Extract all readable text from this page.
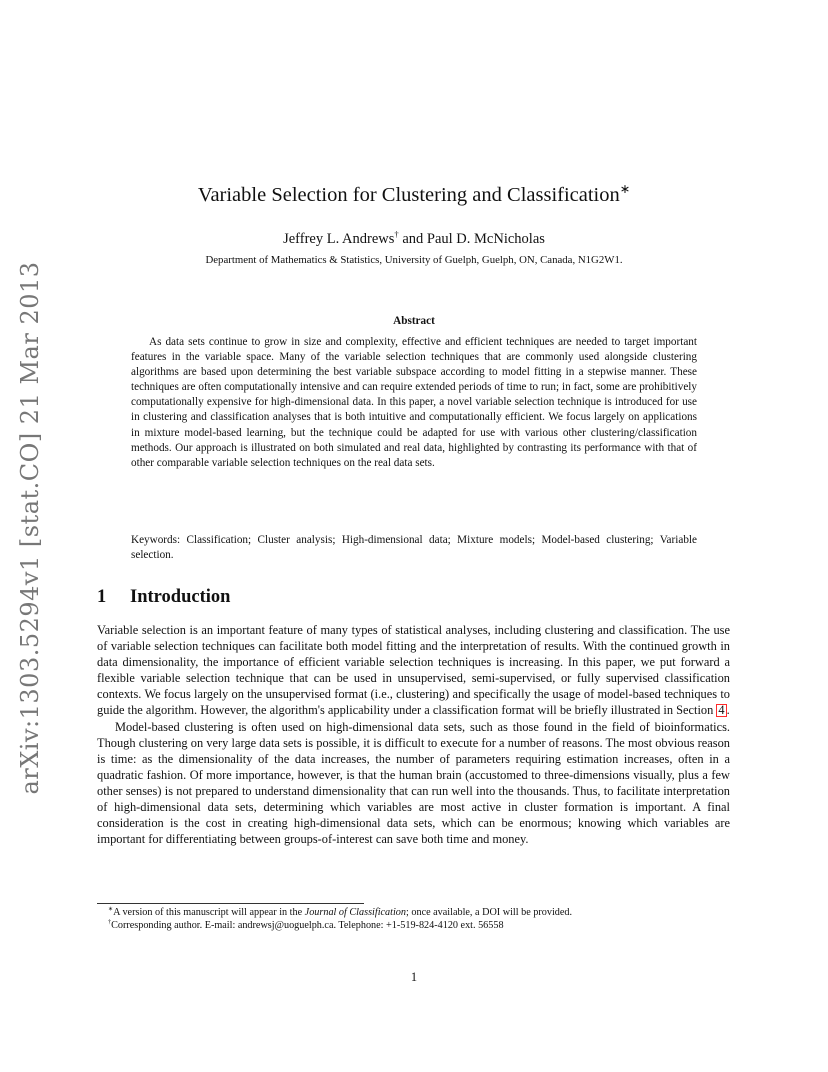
arXiv:1303.5294v1 [stat.CO] 21 Mar 2013
Variable Selection for Clustering and Classification∗
Jeffrey L. Andrews† and Paul D. McNicholas
Department of Mathematics & Statistics, University of Guelph, Guelph, ON, Canada, N1G2W1.
Abstract
As data sets continue to grow in size and complexity, effective and efficient techniques are needed to target important features in the variable space. Many of the variable selection techniques that are commonly used alongside clustering algorithms are based upon determining the best variable subspace according to model fitting in a stepwise manner. These techniques are often computationally intensive and can require extended periods of time to run; in fact, some are prohibitively computationally expensive for high-dimensional data. In this paper, a novel variable selection technique is introduced for use in clustering and classification analyses that is both intuitive and computationally efficient. We focus largely on applications in mixture model-based learning, but the technique could be adapted for use with various other clustering/classification methods. Our approach is illustrated on both simulated and real data, highlighted by contrasting its performance with that of other comparable variable selection techniques on the real data sets.
Keywords: Classification; Cluster analysis; High-dimensional data; Mixture models; Model-based clustering; Variable selection.
1 Introduction

Variable selection is an important feature of many types of statistical analyses, including clustering and classification. The use of variable selection techniques can facilitate both model fitting and the interpretation of results. With the continued growth in data dimensionality, the importance of efficient variable selection techniques is increasing. In this paper, we put forward a flexible variable selection technique that can be used in unsupervised, semi-supervised, or fully supervised classification contexts. We focus largely on the unsupervised format (i.e., clustering) and specifically the usage of model-based techniques to guide the algorithm. However, the algorithm's applicability under a classification format will be briefly illustrated in Section 4 .

Model-based clustering is often used on high-dimensional data sets, such as those found in the field of bioinformatics. Though clustering on very large data sets is possible, it is difficult to execute for a number of reasons. The most obvious reason is time: as the dimensionality of the data increases, the number of parameters requiring estimation increases, often in a quadratic fashion. Of more importance, however, is that the human brain (accustomed to three-dimensions visually, plus a few other senses) is not prepared to understand dimensionality that can run well into the thousands. Thus, to facilitate interpretation of high-dimensional data sets, determining which variables are most active in cluster formation is important. A final consideration is the cost in creating high-dimensional data sets, which can be enormous; knowing which variables are important for differentiating between groups-of-interest can save both time and money.

∗A version of this manuscript will appear in the Journal of Classification; once available, a DOI will be provided.
†Corresponding author. E-mail: andrewsj@uoguelph.ca. Telephone: +1-519-824-4120 ext. 56558
1
